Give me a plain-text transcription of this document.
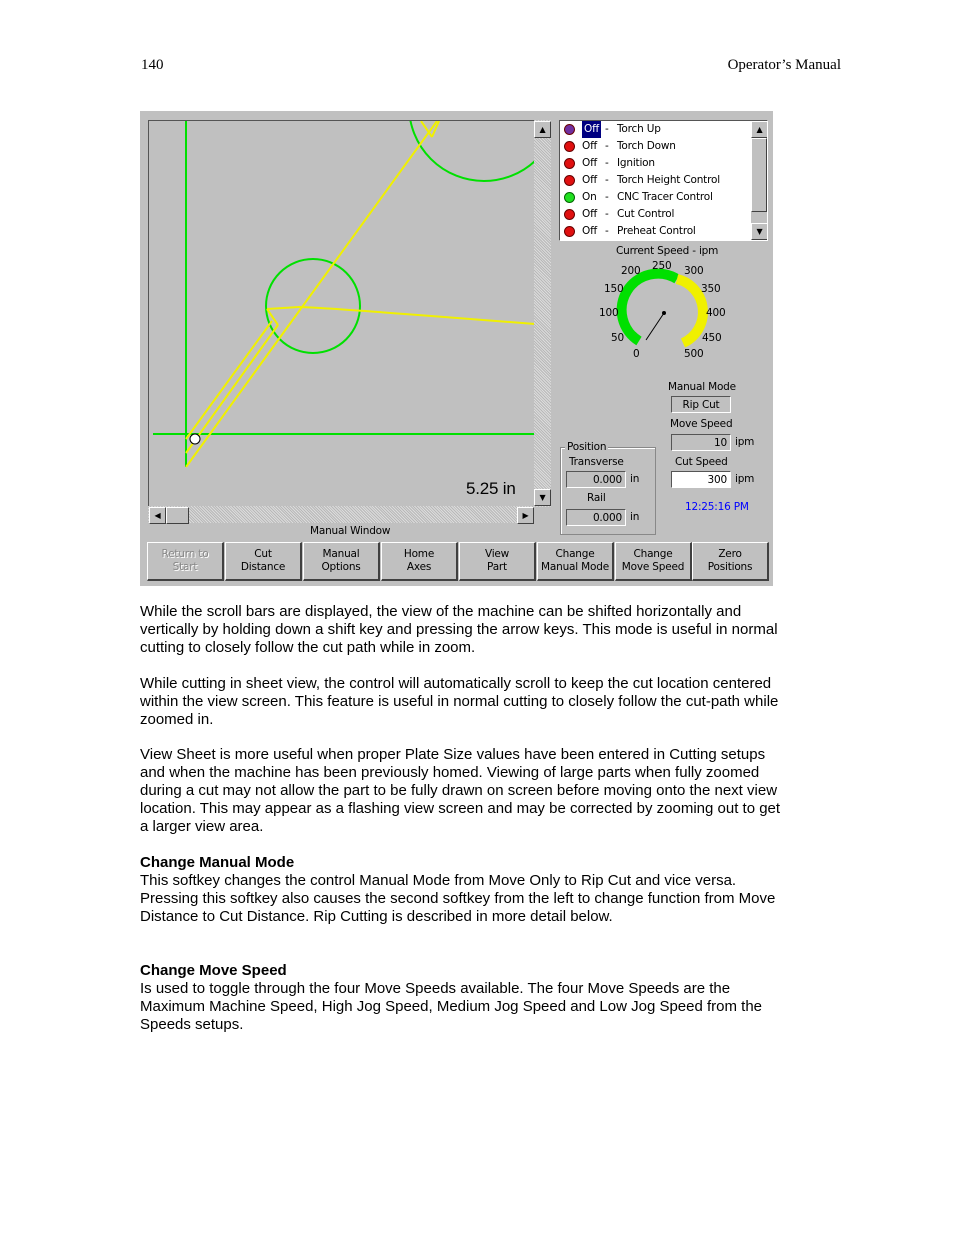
140	Operator’s Manual
5.25 in
▲
▼
◀	▶
Off - Torch Up
Off - Torch Down
Off - Ignition
Off - Torch Height Control
On - CNC Tracer Control
Off - Cut Control
Off - Preheat Control
▲
▼
Current Speed - ipm
0
50
100
150
200 250 300
350
400
450
500
Manual Mode
Rip Cut
Move Speed
10 ipm
Cut Speed
300 ipm
12:25:16 PM
Position
Transverse
0.000 in
Rail
0.000 in
Manual Window
Return to
Start
Cut
Distance
Manual
Options
Home
Axes
View
Part
Change
Manual Mode
Change
Move Speed
Zero
Positions

While the scroll bars are displayed, the view of the machine can be shifted horizontally and

vertically by holding down a shift key and pressing the arrow keys. This mode is useful in normal

cutting to closely follow the cut path while in zoom.

While cutting in sheet view, the control will automatically scroll to keep the cut location centered

within the view screen. This feature is useful in normal cutting to closely follow the cut-path while

zoomed in.

View Sheet is more useful when proper Plate Size values have been entered in Cutting setups

and when the machine has been previously homed. Viewing of large parts when fully zoomed

during a cut may not allow the part to be fully drawn on screen before moving onto the next view

location. This may appear as a flashing view screen and may be corrected by zooming out to get

a larger view area.

Change Manual Mode

This softkey changes the control Manual Mode from Move Only to Rip Cut and vice versa.

Pressing this softkey also causes the second softkey from the left to change function from Move

Distance to Cut Distance. Rip Cutting is described in more detail below.

Change Move Speed

Is used to toggle through the four Move Speeds available. The four Move Speeds are the

Maximum Machine Speed, High Jog Speed, Medium Jog Speed and Low Jog Speed from the

Speeds setups.
